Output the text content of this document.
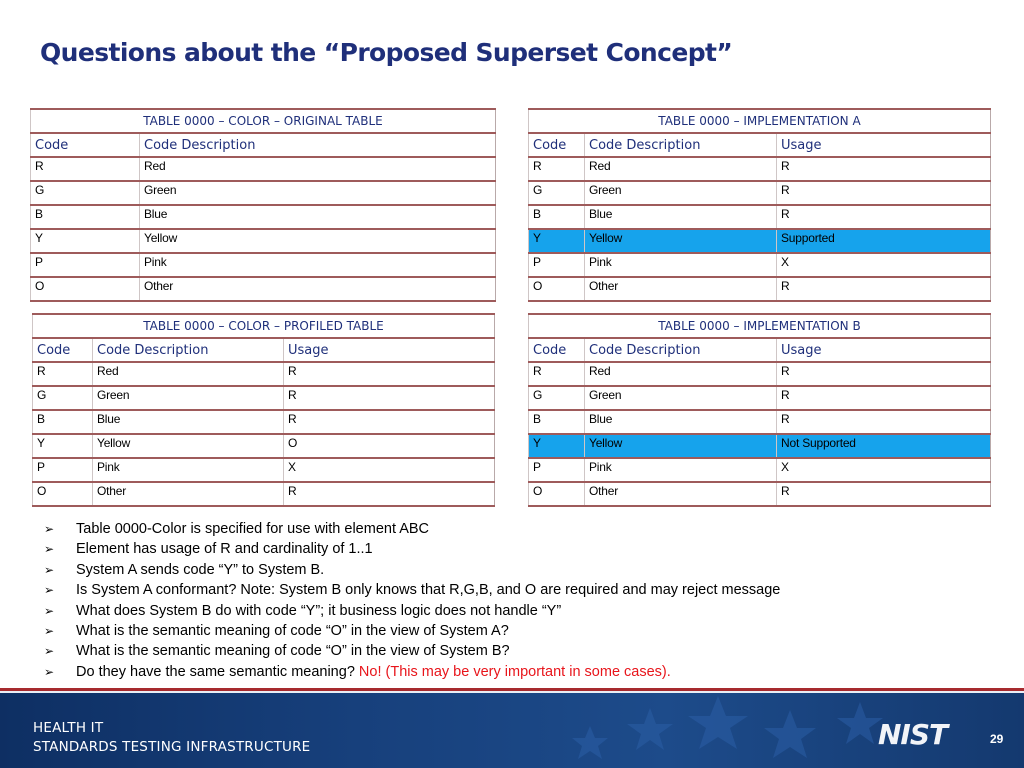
Questions about the “Proposed Superset Concept”
TABLE 0000 – COLOR – ORIGINAL TABLE	
Code	Code Description
R	Red
G	Green
B	Blue
Y	Yellow
P	Pink
O	Other
TABLE 0000 – IMPLEMENTATION A		
Code	Code Description	Usage
R	Red	R
G	Green	R
B	Blue	R
Y	Yellow	Supported
P	Pink	X
O	Other	R
TABLE 0000 – COLOR – PROFILED TABLE		
Code	Code Description	Usage
R	Red	R
G	Green	R
B	Blue	R
Y	Yellow	O
P	Pink	X
O	Other	R
TABLE 0000 – IMPLEMENTATION B		
Code	Code Description	Usage
R	Red	R
G	Green	R
B	Blue	R
Y	Yellow	Not Supported
P	Pink	X
O	Other	R
➢ Table 0000-Color is specified for use with element ABC
➢ Element has usage of R and cardinality of 1..1
➢ System A sends code “Y” to System B.
➢ Is System A conformant? Note: System B only knows that R,G,B, and O are required and may reject message
➢ What does System B do with code “Y”; it business logic does not handle “Y”
➢ What is the semantic meaning of code “O” in the view of System A?
➢ What is the semantic meaning of code “O” in the view of System B?
➢ Do they have the same semantic meaning? No! (This may be very important in some cases).

HEALTH IT

STANDARDS TESTING INFRASTRUCTURE	NIST	29
